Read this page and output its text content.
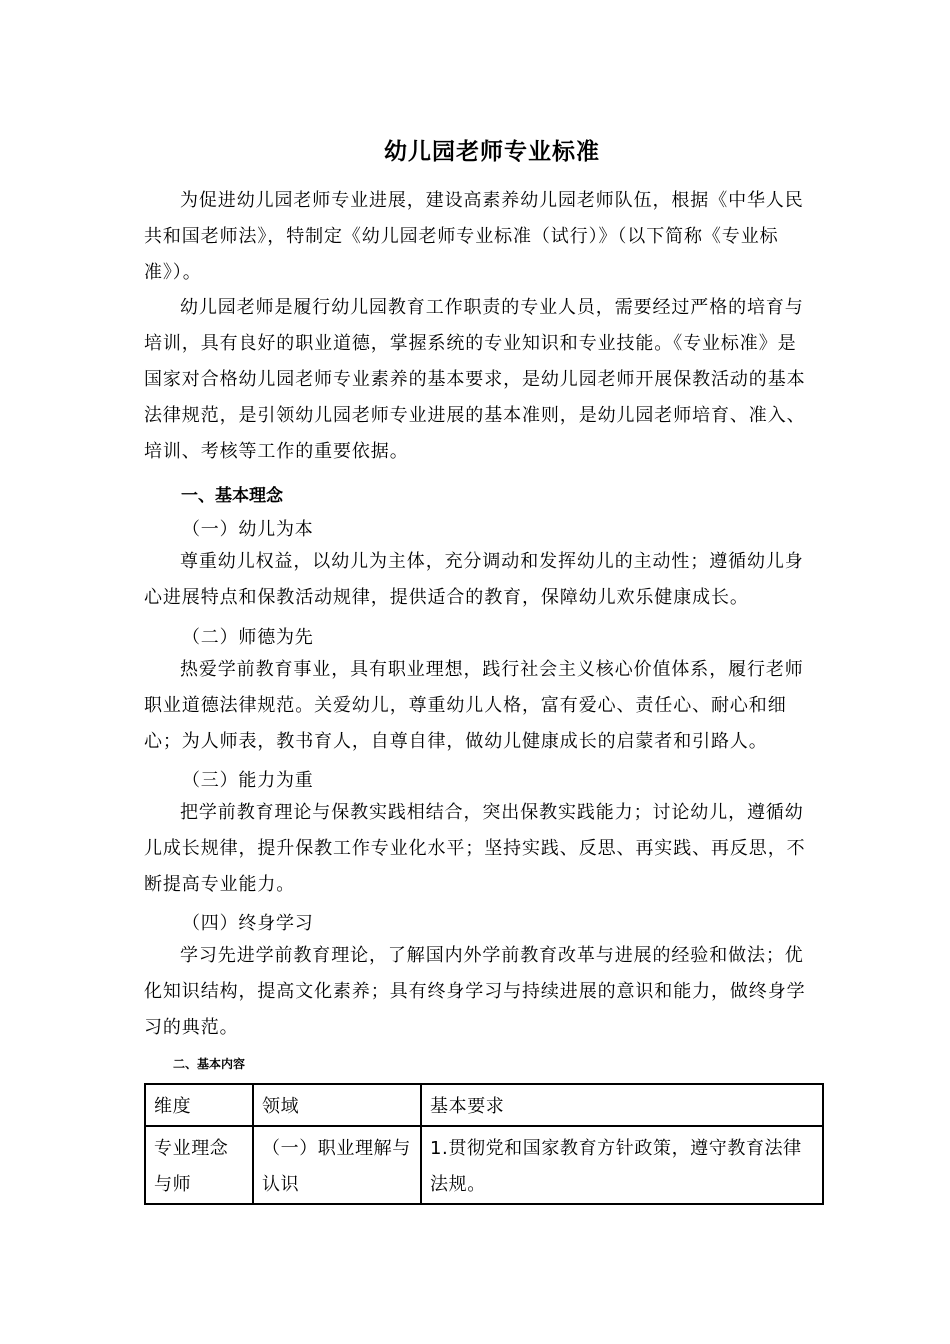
幼儿园老师专业标准

为促进幼儿园老师专业进展，建设高素养幼儿园老师队伍，根据《中华人民共和国老师法》，特制定《幼儿园老师专业标准（试行）》（以下简称《专业标准》）。

幼儿园老师是履行幼儿园教育工作职责的专业人员，需要经过严格的培育与培训，具有良好的职业道德，掌握系统的专业知识和专业技能。《专业标准》是国家对合格幼儿园老师专业素养的基本要求，是幼儿园老师开展保教活动的基本法律规范，是引领幼儿园老师专业进展的基本准则，是幼儿园老师培育、准入、培训、考核等工作的重要依据。

一、基本理念

（一）幼儿为本

尊重幼儿权益，以幼儿为主体，充分调动和发挥幼儿的主动性；遵循幼儿身心进展特点和保教活动规律，提供适合的教育，保障幼儿欢乐健康成长。

（二）师德为先

热爱学前教育事业，具有职业理想，践行社会主义核心价值体系，履行老师职业道德法律规范。关爱幼儿，尊重幼儿人格，富有爱心、责任心、耐心和细心；为人师表，教书育人，自尊自律，做幼儿健康成长的启蒙者和引路人。

（三）能力为重

把学前教育理论与保教实践相结合，突出保教实践能力；讨论幼儿，遵循幼儿成长规律，提升保教工作专业化水平；坚持实践、反思、再实践、再反思，不断提高专业能力。

（四）终身学习

学习先进学前教育理论，了解国内外学前教育改革与进展的经验和做法；优化知识结构，提高文化素养；具有终身学习与持续进展的意识和能力，做终身学习的典范。

二、基本内容

维度	领域	基本要求
专业理念与师	（一）职业理解与认识	1.贯彻党和国家教育方针政策，遵守教育法律法规。
